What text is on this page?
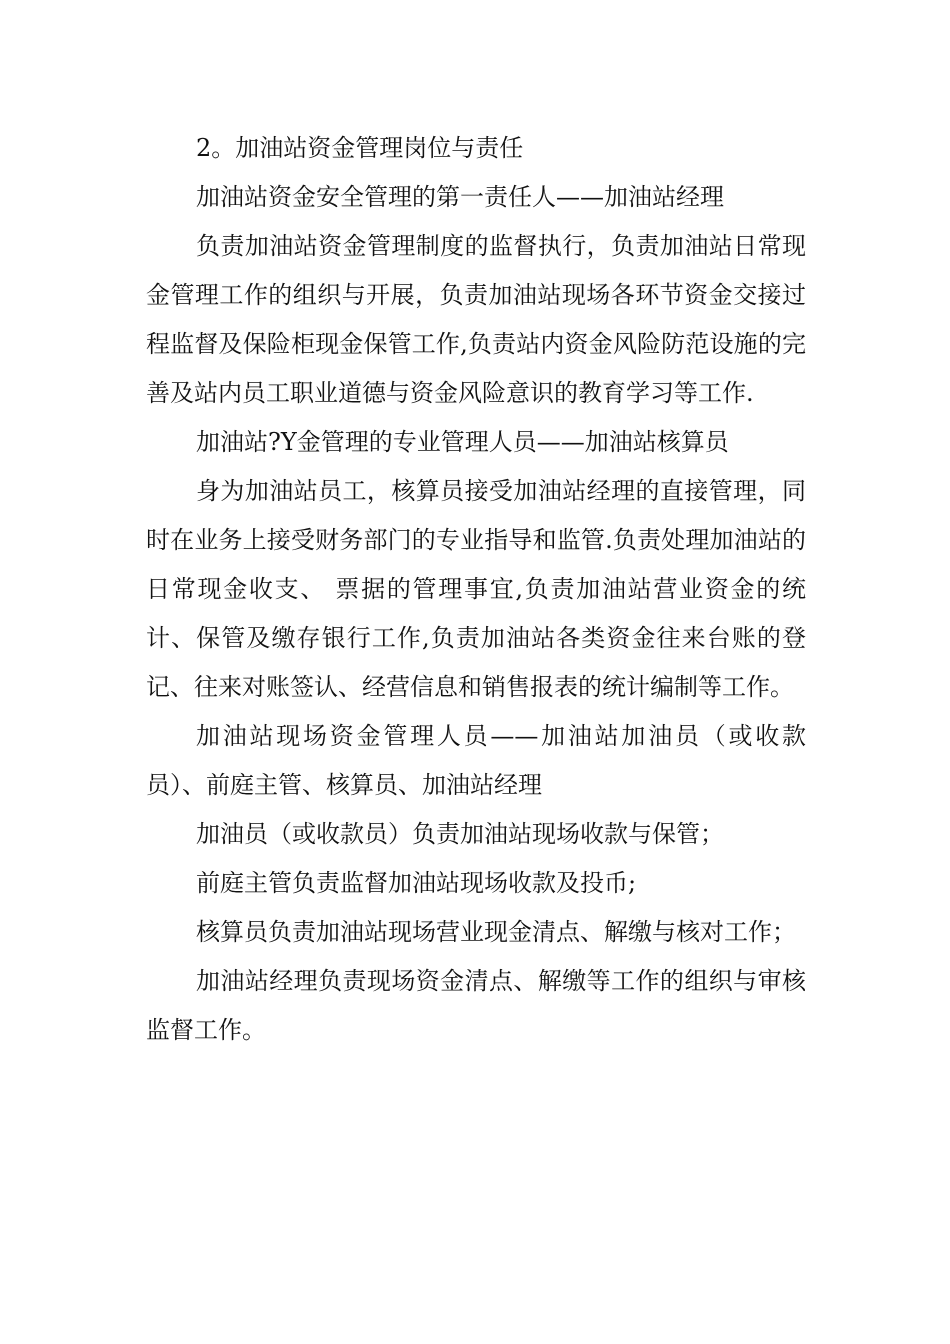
2。加油站资金管理岗位与责任

加油站资金安全管理的第一责任人——加油站经理

负责加油站资金管理制度的监督执行，负责加油站日常现金管理工作的组织与开展，负责加油站现场各环节资金交接过程监督及保险柜现金保管工作,负责站内资金风险防范设施的完善及站内员工职业道德与资金风险意识的教育学习等工作.

加油站?Y金管理的专业管理人员——加油站核算员

身为加油站员工，核算员接受加油站经理的直接管理，同时在业务上接受财务部门的专业指导和监管.负责处理加油站的日常现金收支、 票据的管理事宜,负责加油站营业资金的统计、保管及缴存银行工作,负责加油站各类资金往来台账的登记、往来对账签认、经营信息和销售报表的统计编制等工作。

加油站现场资金管理人员——加油站加油员（或收款员）、前庭主管、核算员、加油站经理

加油员（或收款员）负责加油站现场收款与保管；

前庭主管负责监督加油站现场收款及投币;

核算员负责加油站现场营业现金清点、解缴与核对工作；

加油站经理负责现场资金清点、解缴等工作的组织与审核监督工作。
